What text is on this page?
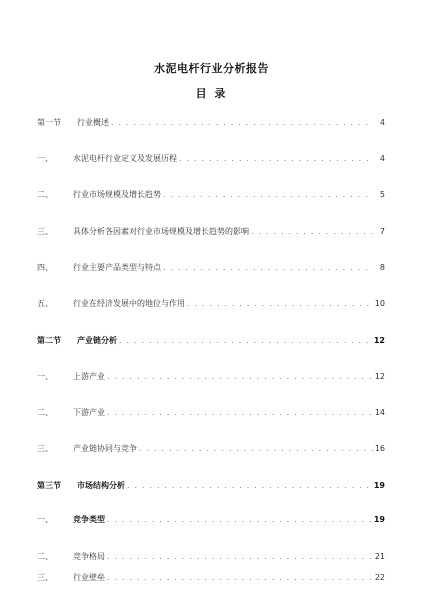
水泥电杆行业分析报告
目 录
第一节	行业概述 . . .	4
一、	水泥电杆行业定义及发展历程 . . .	4
二、	行业市场规模及增长趋势 . . .	5
三、	具体分析各因素对行业市场规模及增长趋势的影响 . . .	7
四、	行业主要产品类型与特点 . . .	8
五、	行业在经济发展中的地位与作用 . . .	10
第二节	产业链分析 . . .	12
一、	上游产业 . . .	12
二、	下游产业 . . .	14
三、	产业链协同与竞争 . . .	16
第三节	市场结构分析 . . .	19
一、	竞争类型 . . .	19
二、	竞争格局 . . .	21
三、	行业壁垒 . . .	22
